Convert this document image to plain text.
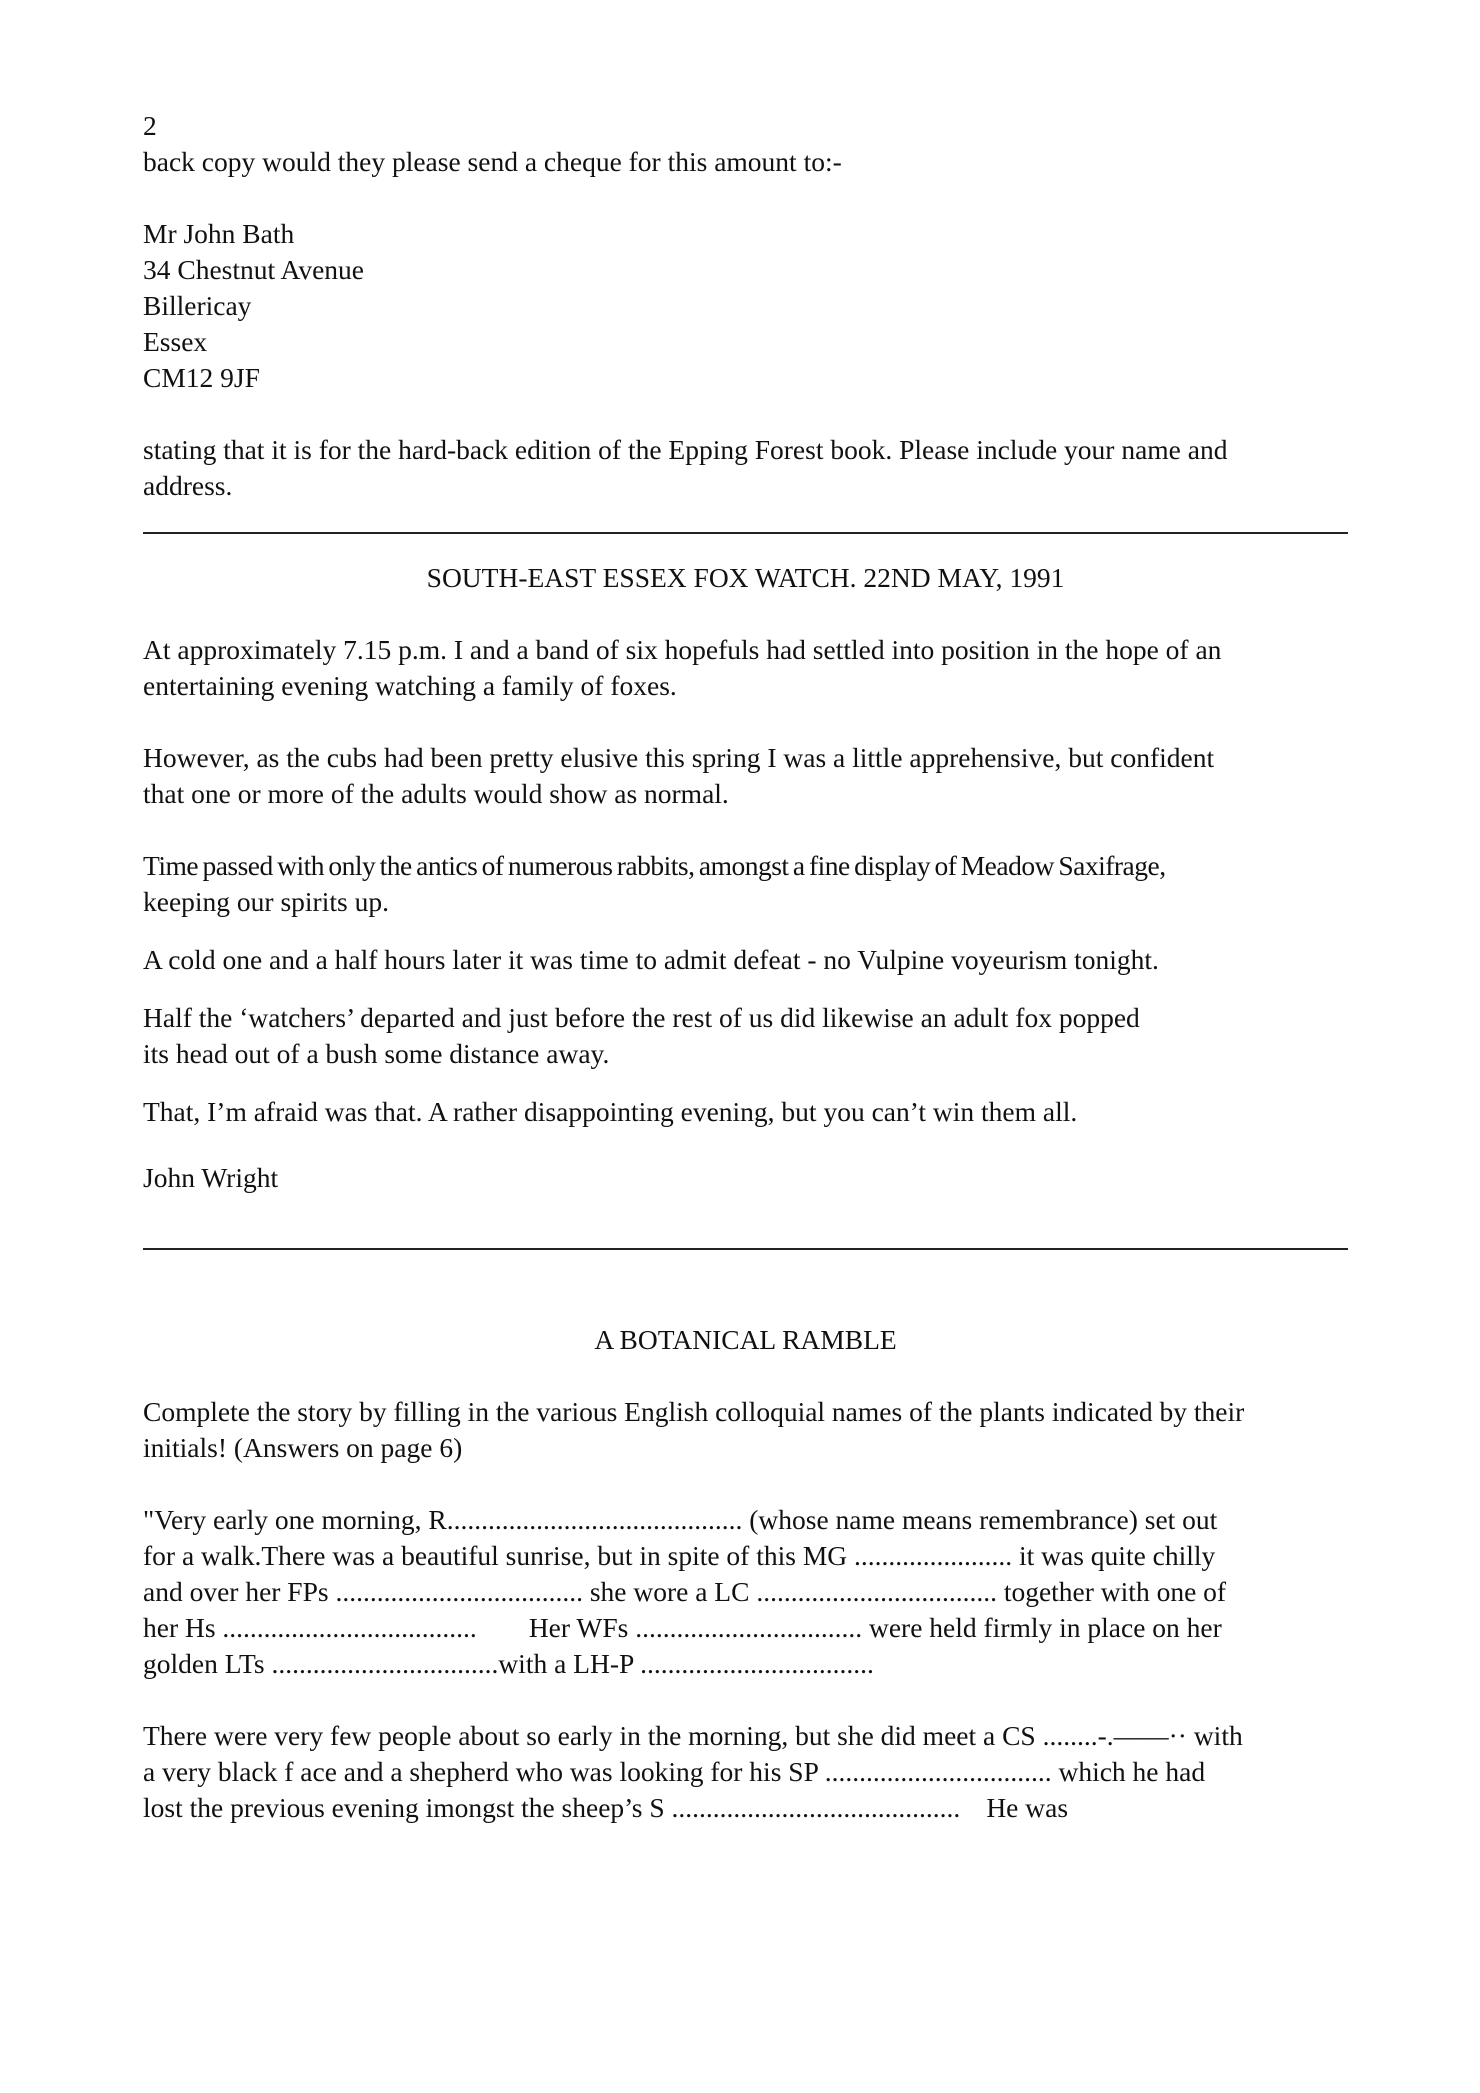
2

back copy would they please send a cheque for this amount to:-

Mr John Bath
34 Chestnut Avenue
Billericay
Essex
CM12 9JF
stating that it is for the hard-back edition of the Epping Forest book. Please include your name and
address.

SOUTH-EAST ESSEX FOX WATCH. 22ND MAY, 1991

At approximately 7.15 p.m. I and a band of six hopefuls had settled into position in the hope of an
entertaining evening watching a family of foxes.
However, as the cubs had been pretty elusive this spring I was a little apprehensive, but confident
that one or more of the adults would show as normal.
Time passed with only the antics of numerous rabbits, amongst a fine display of Meadow Saxifrage,
keeping our spirits up.
A cold one and a half hours later it was time to admit defeat - no Vulpine voyeurism tonight.
Half the ‘watchers’ departed and just before the rest of us did likewise an adult fox popped
its head out of a bush some distance away.
That, I’m afraid was that. A rather disappointing evening, but you can’t win them all.

John Wright

A BOTANICAL RAMBLE

Complete the story by filling in the various English colloquial names of the plants indicated by their
initials! (Answers on page 6)
"Very early one morning, R........................................... (whose name means remembrance) set out
for a walk.There was a beautiful sunrise, but in spite of this MG ....................... it was quite chilly
and over her FPs .................................... she wore a LC ................................... together with one of
her Hs ..................................... Her WFs ................................. were held firmly in place on her
golden LTs .................................with a LH-P ..................................
There were very few people about so early in the morning, but she did meet a CS ........-.——·· with
a very black f ace and a shepherd who was looking for his SP ................................. which he had
lost the previous evening imongst the sheep’s S .......................................... He was
